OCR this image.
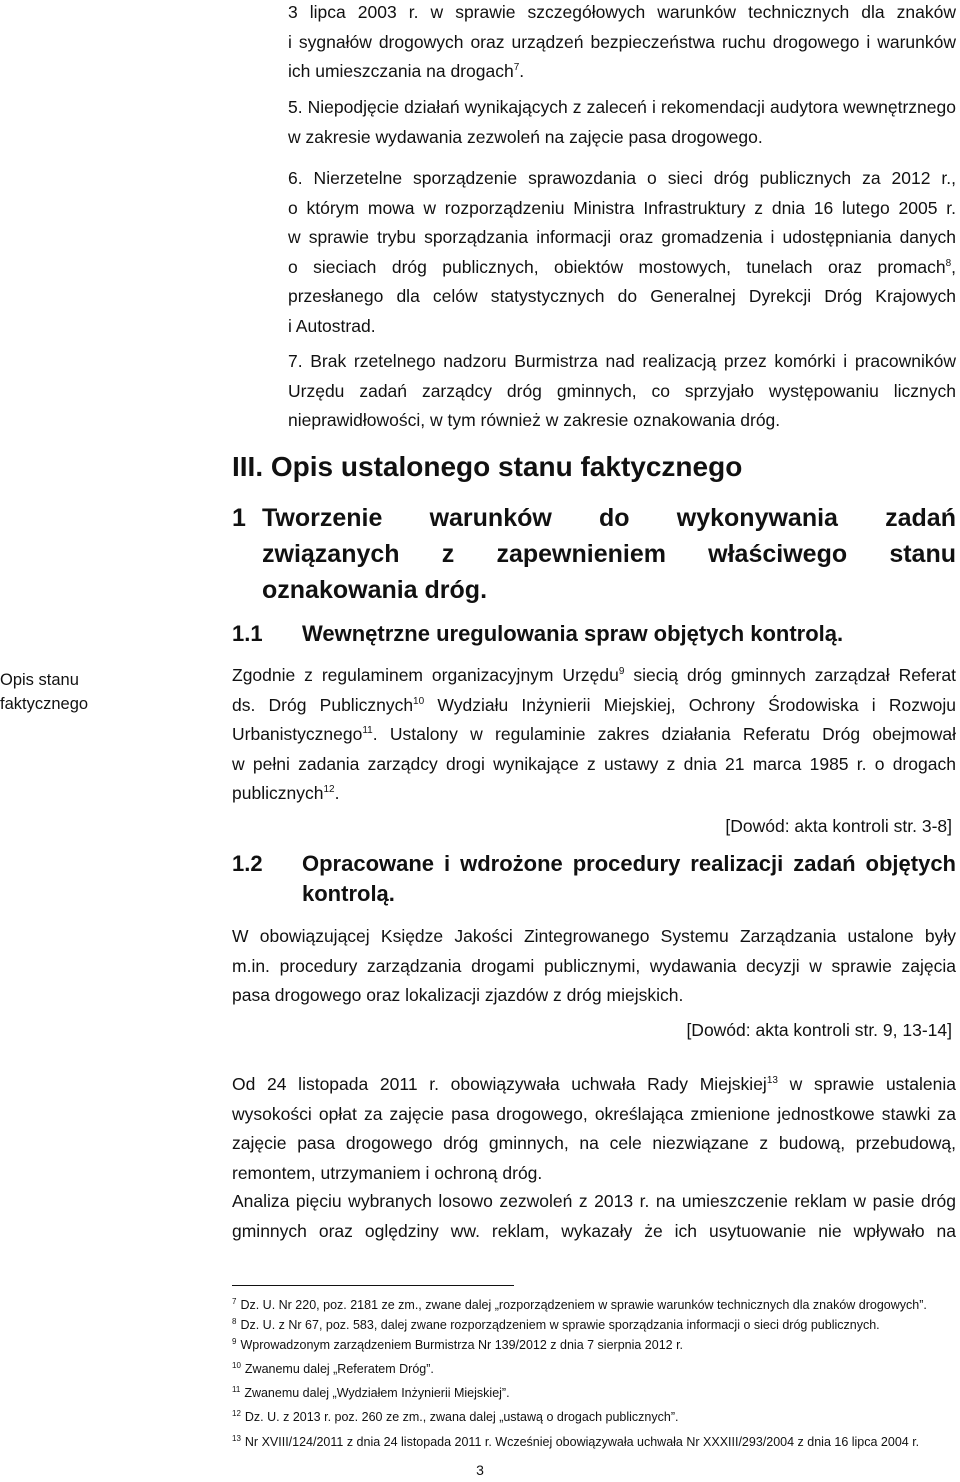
3 lipca 2003 r. w sprawie szczegółowych warunków technicznych dla znaków
i sygnałów drogowych oraz urządzeń bezpieczeństwa ruchu drogowego i warunków
ich umieszczania na drogach$^7$.
5. Niepodjęcie działań wynikających z zaleceń i rekomendacji audytora wewnętrznego
w zakresie wydawania zezwoleń na zajęcie pasa drogowego.
6. Nierzetelne sporządzenie sprawozdania o sieci dróg publicznych za 2012 r.,
o którym mowa w rozporządzeniu Ministra Infrastruktury z dnia 16 lutego 2005 r.
w sprawie trybu sporządzania informacji oraz gromadzenia i udostępniania danych
o sieciach dróg publicznych, obiektów mostowych, tunelach oraz promach$^8$,
przesłanego dla celów statystycznych do Generalnej Dyrekcji Dróg Krajowych
i Autostrad.
7. Brak rzetelnego nadzoru Burmistrza nad realizacją przez komórki i pracowników
Urzędu zadań zarządcy dróg gminnych, co sprzyjało występowaniu licznych
nieprawidłowości, w tym również w zakresie oznakowania dróg.
III. Opis ustalonego stanu faktycznego
1 Tworzenie warunków do wykonywania zadań
związanych z zapewnieniem właściwego stanu
oznakowania dróg.
Opis stanu
faktycznego
1.1 Wewnętrzne uregulowania spraw objętych kontrolą.
Zgodnie z regulaminem organizacyjnym Urzędu$^9$ siecią dróg gminnych zarządzał Referat
ds. Dróg Publicznych$^{10}$ Wydziału Inżynierii Miejskiej, Ochrony Środowiska i Rozwoju
Urbanistycznego$^{11}$. Ustalony w regulaminie zakres działania Referatu Dróg obejmował
w pełni zadania zarządcy drogi wynikające z ustawy z dnia 21 marca 1985 r. o drogach
publicznych$^{12}$.
[Dowód: akta kontroli str. 3-8]
1.2 Opracowane i wdrożone procedury realizacji zadań objętych
kontrolą.
W obowiązującej Księdze Jakości Zintegrowanego Systemu Zarządzania ustalone były
m.in. procedury zarządzania drogami publicznymi, wydawania decyzji w sprawie zajęcia
pasa drogowego oraz lokalizacji zjazdów z dróg miejskich.
[Dowód: akta kontroli str. 9, 13-14]
Od 24 listopada 2011 r. obowiązywała uchwała Rady Miejskiej$^{13}$ w sprawie ustalenia
wysokości opłat za zajęcie pasa drogowego, określająca zmienione jednostkowe stawki za
zajęcie pasa drogowego dróg gminnych, na cele niezwiązane z budową, przebudową,
remontem, utrzymaniem i ochroną dróg.
Analiza pięciu wybranych losowo zezwoleń z 2013 r. na umieszczenie reklam w pasie dróg
gminnych oraz oględziny ww. reklam, wykazały że ich usytuowanie nie wpływało na
$^7$ Dz. U. Nr 220, poz. 2181 ze zm., zwane dalej „rozporządzeniem w sprawie warunków technicznych dla znaków drogowych”.
$^8$ Dz. U. z Nr 67, poz. 583, dalej zwane rozporządzeniem w sprawie sporządzania informacji o sieci dróg publicznych.
$^9$ Wprowadzonym zarządzeniem Burmistrza Nr 139/2012 z dnia 7 sierpnia 2012 r.
$^{10}$ Zwanemu dalej „Referatem Dróg”.
$^{11}$ Zwanemu dalej „Wydziałem Inżynierii Miejskiej”.
$^{12}$ Dz. U. z 2013 r. poz. 260 ze zm., zwana dalej „ustawą o drogach publicznych”.
$^{13}$ Nr XVIII/124/2011 z dnia 24 listopada 2011 r. Wcześniej obowiązywała uchwała Nr XXXIII/293/2004 z dnia 16 lipca 2004 r.
3
